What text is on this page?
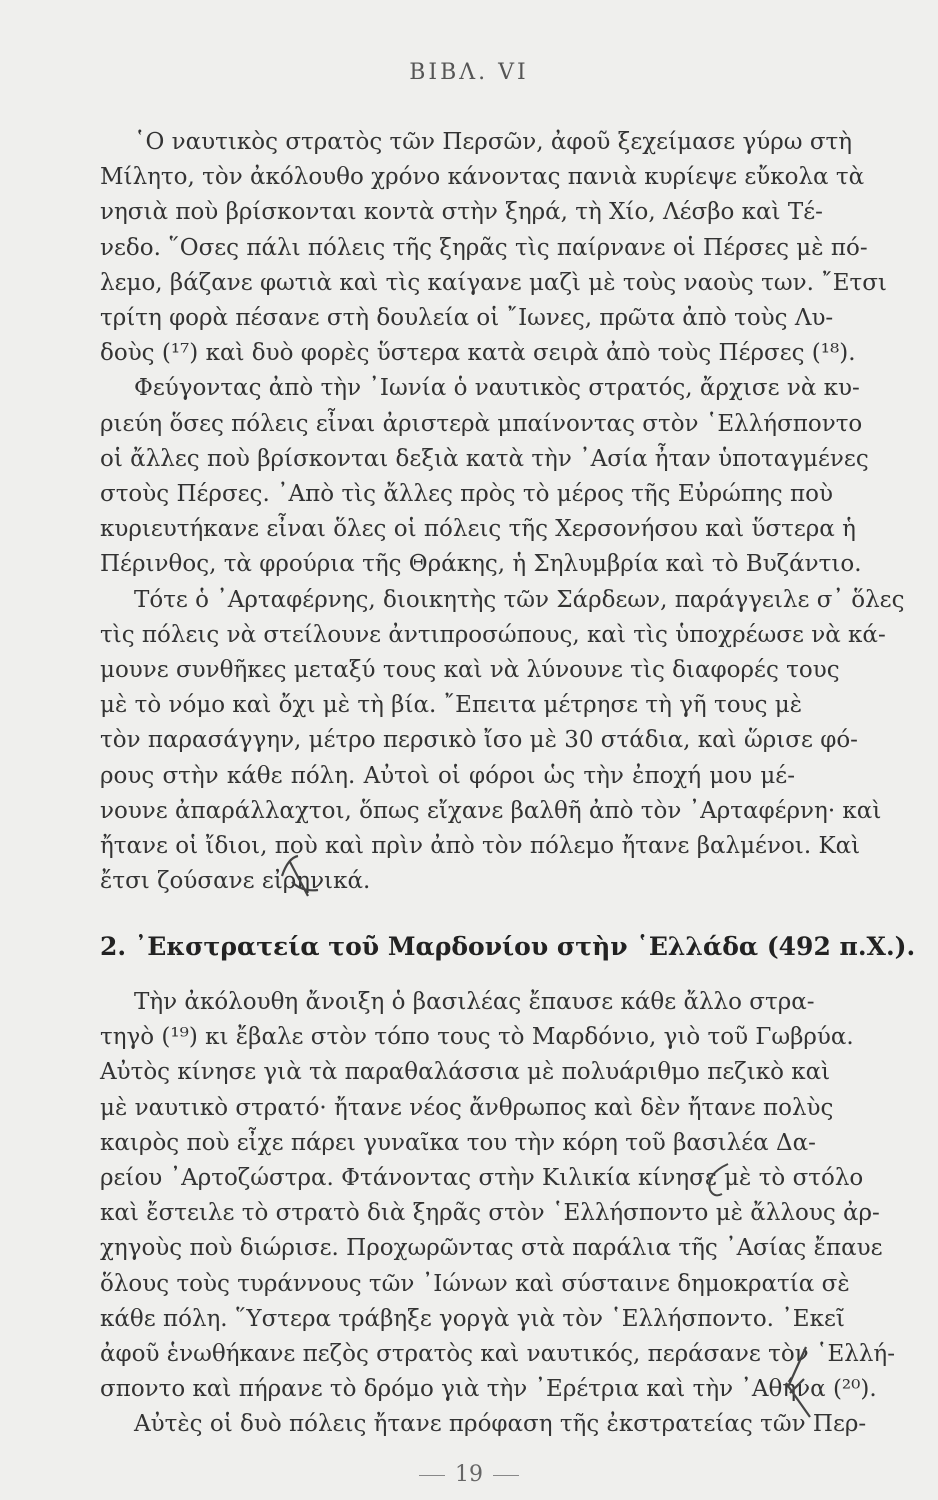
ΒΙΒΛ. VI

῾Ο ναυτικὸς στρατὸς τῶν Περσῶν, ἀφοῦ ξεχείμασε γύρω στὴ
Μίλητο, τὸν ἀκόλουθο χρόνο κάνοντας πανιὰ κυρίεψε εὔκολα τὰ
νησιὰ ποὺ βρίσκονται κοντὰ στὴν ξηρά, τὴ Χίο, Λέσβο καὶ Τέ-
νεδο. ῞Οσες πάλι πόλεις τῆς ξηρᾶς τὶς παίρνανε οἱ Πέρσες μὲ πό-
λεμο, βάζανε φωτιὰ καὶ τὶς καίγανε μαζὶ μὲ τοὺς ναοὺς των. ῎Ετσι
τρίτη φορὰ πέσανε στὴ δουλεία οἱ ῎Ιωνες, πρῶτα ἀπὸ τοὺς Λυ-
δοὺς (¹⁷) καὶ δυὸ φορὲς ὕστερα κατὰ σειρὰ ἀπὸ τοὺς Πέρσες (¹⁸).

Φεύγοντας ἀπὸ τὴν ᾿Ιωνία ὁ ναυτικὸς στρατός, ἄρχισε νὰ κυ-
ριεύη ὅσες πόλεις εἶναι ἀριστερὰ μπαίνοντας στὸν ῾Ελλήσποντο
οἱ ἄλλες ποὺ βρίσκονται δεξιὰ κατὰ τὴν ᾿Ασία ἦταν ὑποταγμένες
στοὺς Πέρσες. ᾿Απὸ τὶς ἄλλες πρὸς τὸ μέρος τῆς Εὐρώπης ποὺ
κυριευτήκανε εἶναι ὅλες οἱ πόλεις τῆς Χερσονήσου καὶ ὕστερα ἡ
Πέρινθος, τὰ φρούρια τῆς Θράκης, ἡ Σηλυμβρία καὶ τὸ Βυζάντιο.

Τότε ὁ ᾿Αρταφέρνης, διοικητὴς τῶν Σάρδεων, παράγγειλε σ᾿ ὅλες
τὶς πόλεις νὰ στείλουνε ἀντιπροσώπους, καὶ τὶς ὑποχρέωσε νὰ κά-
μουνε συνθῆκες μεταξύ τους καὶ νὰ λύνουνε τὶς διαφορές τους
μὲ τὸ νόμο καὶ ὄχι μὲ τὴ βία. ῎Επειτα μέτρησε τὴ γῆ τους μὲ
τὸν παρασάγγην, μέτρο περσικὸ ἴσο μὲ 30 στάδια, καὶ ὥρισε φό-
ρους στὴν κάθε πόλη. Αὐτοὶ οἱ φόροι ὡς τὴν ἐποχή μου μέ-
νουνε ἀπαράλλαχτοι, ὅπως εἴχανε βαλθῆ ἀπὸ τὸν ᾿Αρταφέρνη· καὶ
ἤτανε οἱ ἴδιοι, ποὺ καὶ πρὶν ἀπὸ τὸν πόλεμο ἤτανε βαλμένοι. Καὶ
ἔτσι ζούσανε εἰρηνικά.

2. ᾿Εκστρατεία τοῦ Μαρδονίου στὴν ῾Ελλάδα (492 π.Χ.).

Τὴν ἀκόλουθη ἄνοιξη ὁ βασιλέας ἔπαυσε κάθε ἄλλο στρα-
τηγὸ (¹⁹) κι ἔβαλε στὸν τόπο τους τὸ Μαρδόνιο, γιὸ τοῦ Γωβρύα.
Αὐτὸς κίνησε γιὰ τὰ παραθαλάσσια μὲ πολυάριθμο πεζικὸ καὶ
μὲ ναυτικὸ στρατό· ἤτανε νέος ἄνθρωπος καὶ δὲν ἤτανε πολὺς
καιρὸς ποὺ εἶχε πάρει γυναῖκα του τὴν κόρη τοῦ βασιλέα Δα-
ρείου ᾿Αρτοζώστρα. Φτάνοντας στὴν Κιλικία κίνησε μὲ τὸ στόλο
καὶ ἔστειλε τὸ στρατὸ διὰ ξηρᾶς στὸν ῾Ελλήσποντο μὲ ἄλλους ἀρ-
χηγοὺς ποὺ διώρισε. Προχωρῶντας στὰ παράλια τῆς ᾿Ασίας ἔπαυε
ὅλους τοὺς τυράννους τῶν ᾿Ιώνων καὶ σύσταινε δημοκρατία σὲ
κάθε πόλη. ῞Υστερα τράβηξε γοργὰ γιὰ τὸν ῾Ελλήσποντο. ᾿Εκεῖ
ἀφοῦ ἑνωθήκανε πεζὸς στρατὸς καὶ ναυτικός, περάσανε τὸν ῾Ελλή-
σποντο καὶ πήρανε τὸ δρόμο γιὰ τὴν ᾿Ερέτρια καὶ τὴν ᾿Αθήνα (²⁰).

Αὐτὲς οἱ δυὸ πόλεις ἤτανε πρόφαση τῆς ἐκστρατείας τῶν Περ-

19
